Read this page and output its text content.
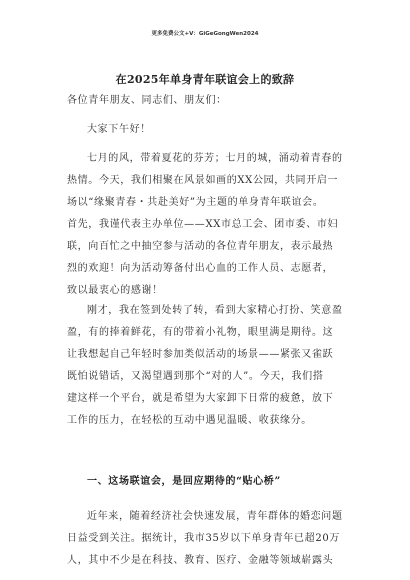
更多免费公文+V：GiGeGongWen2024
在2025年单身青年联谊会上的致辞
各位青年朋友、同志们、朋友们：
大家下午好！
七月的风，带着夏花的芬芳；七月的城，涌动着青春的
热情。今天，我们相聚在风景如画的XX公园，共同开启一
场以“缘聚青春・共赴美好”为主题的单身青年联谊会。
首先，我谨代表主办单位——XX市总工会、团市委、市妇
联，向百忙之中抽空参与活动的各位青年朋友，表示最热
烈的欢迎！向为活动筹备付出心血的工作人员、志愿者，
致以最衷心的感谢！
刚才，我在签到处转了转，看到大家精心打扮、笑意盈
盈，有的捧着鲜花，有的带着小礼物，眼里满是期待。这
让我想起自己年轻时参加类似活动的场景——紧张又雀跃
既怕说错话，又渴望遇到那个“对的人”。今天，我们搭
建这样一个平台，就是希望为大家卸下日常的疲惫，放下
工作的压力，在轻松的互动中遇见温暖、收获缘分。
一、这场联谊会，是回应期待的“贴心桥”
近年来，随着经济社会快速发展，青年群体的婚恋问题
日益受到关注。据统计，我市35岁以下单身青年已超20万
人，其中不少是在科技、教育、医疗、金融等领域崭露头
